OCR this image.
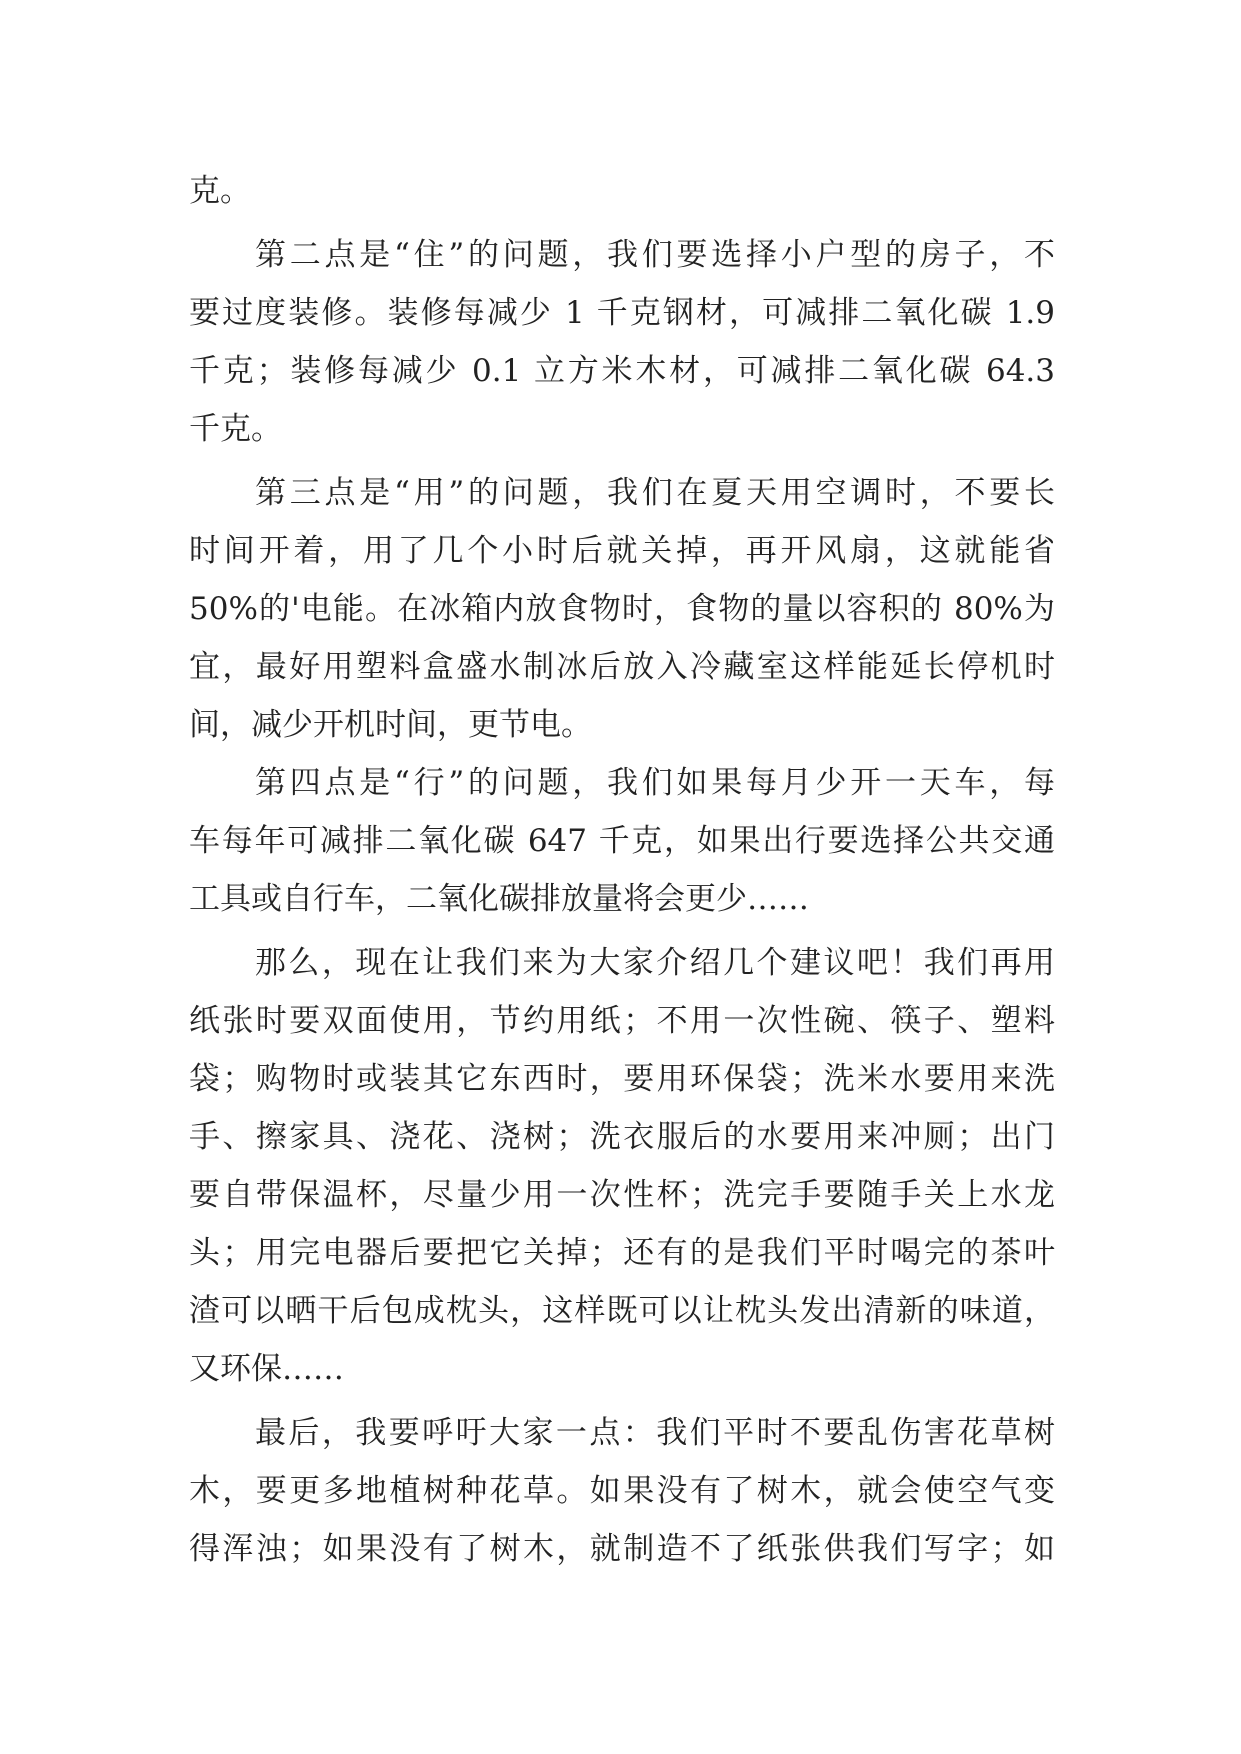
克。
第二点是“住”的问题，我们要选择小户型的房子，不
要过度装修。装修每减少 1 千克钢材，可减排二氧化碳 1.9
千克；装修每减少 0.1 立方米木材，可减排二氧化碳 64.3
千克。
第三点是“用”的问题，我们在夏天用空调时，不要长
时间开着，用了几个小时后就关掉，再开风扇，这就能省
50%的'电能。在冰箱内放食物时，食物的量以容积的 80%为
宜，最好用塑料盒盛水制冰后放入冷藏室这样能延长停机时
间，减少开机时间，更节电。
第四点是“行”的问题，我们如果每月少开一天车，每
车每年可减排二氧化碳 647 千克，如果出行要选择公共交通
工具或自行车，二氧化碳排放量将会更少……
那么，现在让我们来为大家介绍几个建议吧！我们再用
纸张时要双面使用，节约用纸；不用一次性碗、筷子、塑料
袋；购物时或装其它东西时，要用环保袋；洗米水要用来洗
手、擦家具、浇花、浇树；洗衣服后的水要用来冲厕；出门
要自带保温杯，尽量少用一次性杯；洗完手要随手关上水龙
头；用完电器后要把它关掉；还有的是我们平时喝完的茶叶
渣可以晒干后包成枕头，这样既可以让枕头发出清新的味道，
又环保……
最后，我要呼吁大家一点：我们平时不要乱伤害花草树
木，要更多地植树种花草。如果没有了树木，就会使空气变
得浑浊；如果没有了树木，就制造不了纸张供我们写字；如
